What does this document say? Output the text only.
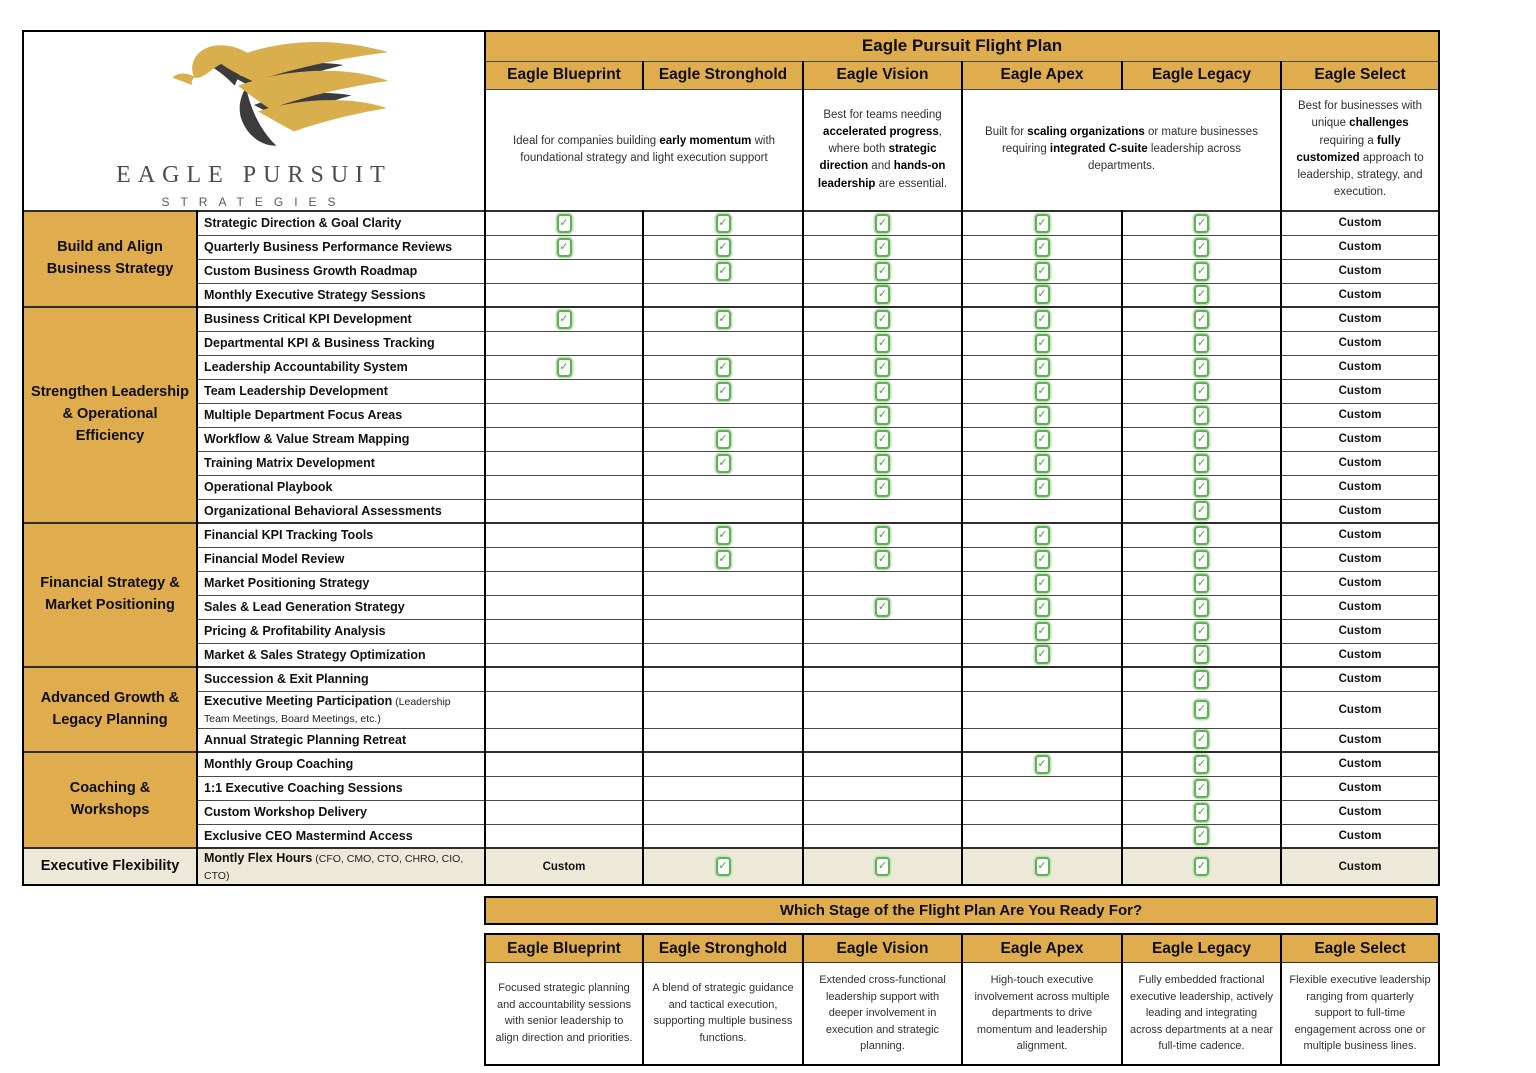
EAGLE PURSUIT
STRATEGIES		Eagle Pursuit Flight Plan					
		Eagle Blueprint	Eagle Stronghold	Eagle Vision	Eagle Apex	Eagle Legacy	Eagle Select
		Ideal for companies building early momentum with foundational strategy and light execution support		Best for teams needing accelerated progress, where both strategic direction and hands-on leadership are essential.	Built for scaling organizations or mature businesses requiring integrated C-suite leadership across departments.		Best for businesses with unique challenges requiring a fully customized approach to leadership, strategy, and execution.
Build and Align Business Strategy	Strategic Direction & Goal Clarity	✓	✓	✓	✓	✓	Custom
	Quarterly Business Performance Reviews	✓	✓	✓	✓	✓	Custom
	Custom Business Growth Roadmap		✓	✓	✓	✓	Custom
	Monthly Executive Strategy Sessions			✓	✓	✓	Custom
Strengthen Leadership & Operational Efficiency	Business Critical KPI Development	✓	✓	✓	✓	✓	Custom
	Departmental KPI & Business Tracking			✓	✓	✓	Custom
	Leadership Accountability System	✓	✓	✓	✓	✓	Custom
	Team Leadership Development		✓	✓	✓	✓	Custom
	Multiple Department Focus Areas			✓	✓	✓	Custom
	Workflow & Value Stream Mapping		✓	✓	✓	✓	Custom
	Training Matrix Development		✓	✓	✓	✓	Custom
	Operational Playbook			✓	✓	✓	Custom
	Organizational Behavioral Assessments					✓	Custom
Financial Strategy & Market Positioning	Financial KPI Tracking Tools		✓	✓	✓	✓	Custom
	Financial Model Review		✓	✓	✓	✓	Custom
	Market Positioning Strategy				✓	✓	Custom
	Sales & Lead Generation Strategy			✓	✓	✓	Custom
	Pricing & Profitability Analysis				✓	✓	Custom
	Market & Sales Strategy Optimization				✓	✓	Custom
Advanced Growth & Legacy Planning	Succession & Exit Planning					✓	Custom
	Executive Meeting Participation (Leadership Team Meetings, Board Meetings, etc.)					✓	Custom
	Annual Strategic Planning Retreat					✓	Custom
Coaching & Workshops	Monthly Group Coaching				✓	✓	Custom
	1:1 Executive Coaching Sessions					✓	Custom
	Custom Workshop Delivery					✓	Custom
	Exclusive CEO Mastermind Access					✓	Custom
Executive Flexibility	Montly Flex Hours (CFO, CMO, CTO, CHRO, CIO, CTO)	Custom	✓	✓	✓	✓	Custom
Which Stage of the Flight Plan Are You Ready For?
Eagle Blueprint	Eagle Stronghold	Eagle Vision	Eagle Apex	Eagle Legacy	Eagle Select
Focused strategic planning and accountability sessions with senior leadership to align direction and priorities.	A blend of strategic guidance and tactical execution, supporting multiple business functions.	Extended cross-functional leadership support with deeper involvement in execution and strategic planning.	High-touch executive involvement across multiple departments to drive momentum and leadership alignment.	Fully embedded fractional executive leadership, actively leading and integrating across departments at a near full-time cadence.	Flexible executive leadership ranging from quarterly support to full-time engagement across one or multiple business lines.
